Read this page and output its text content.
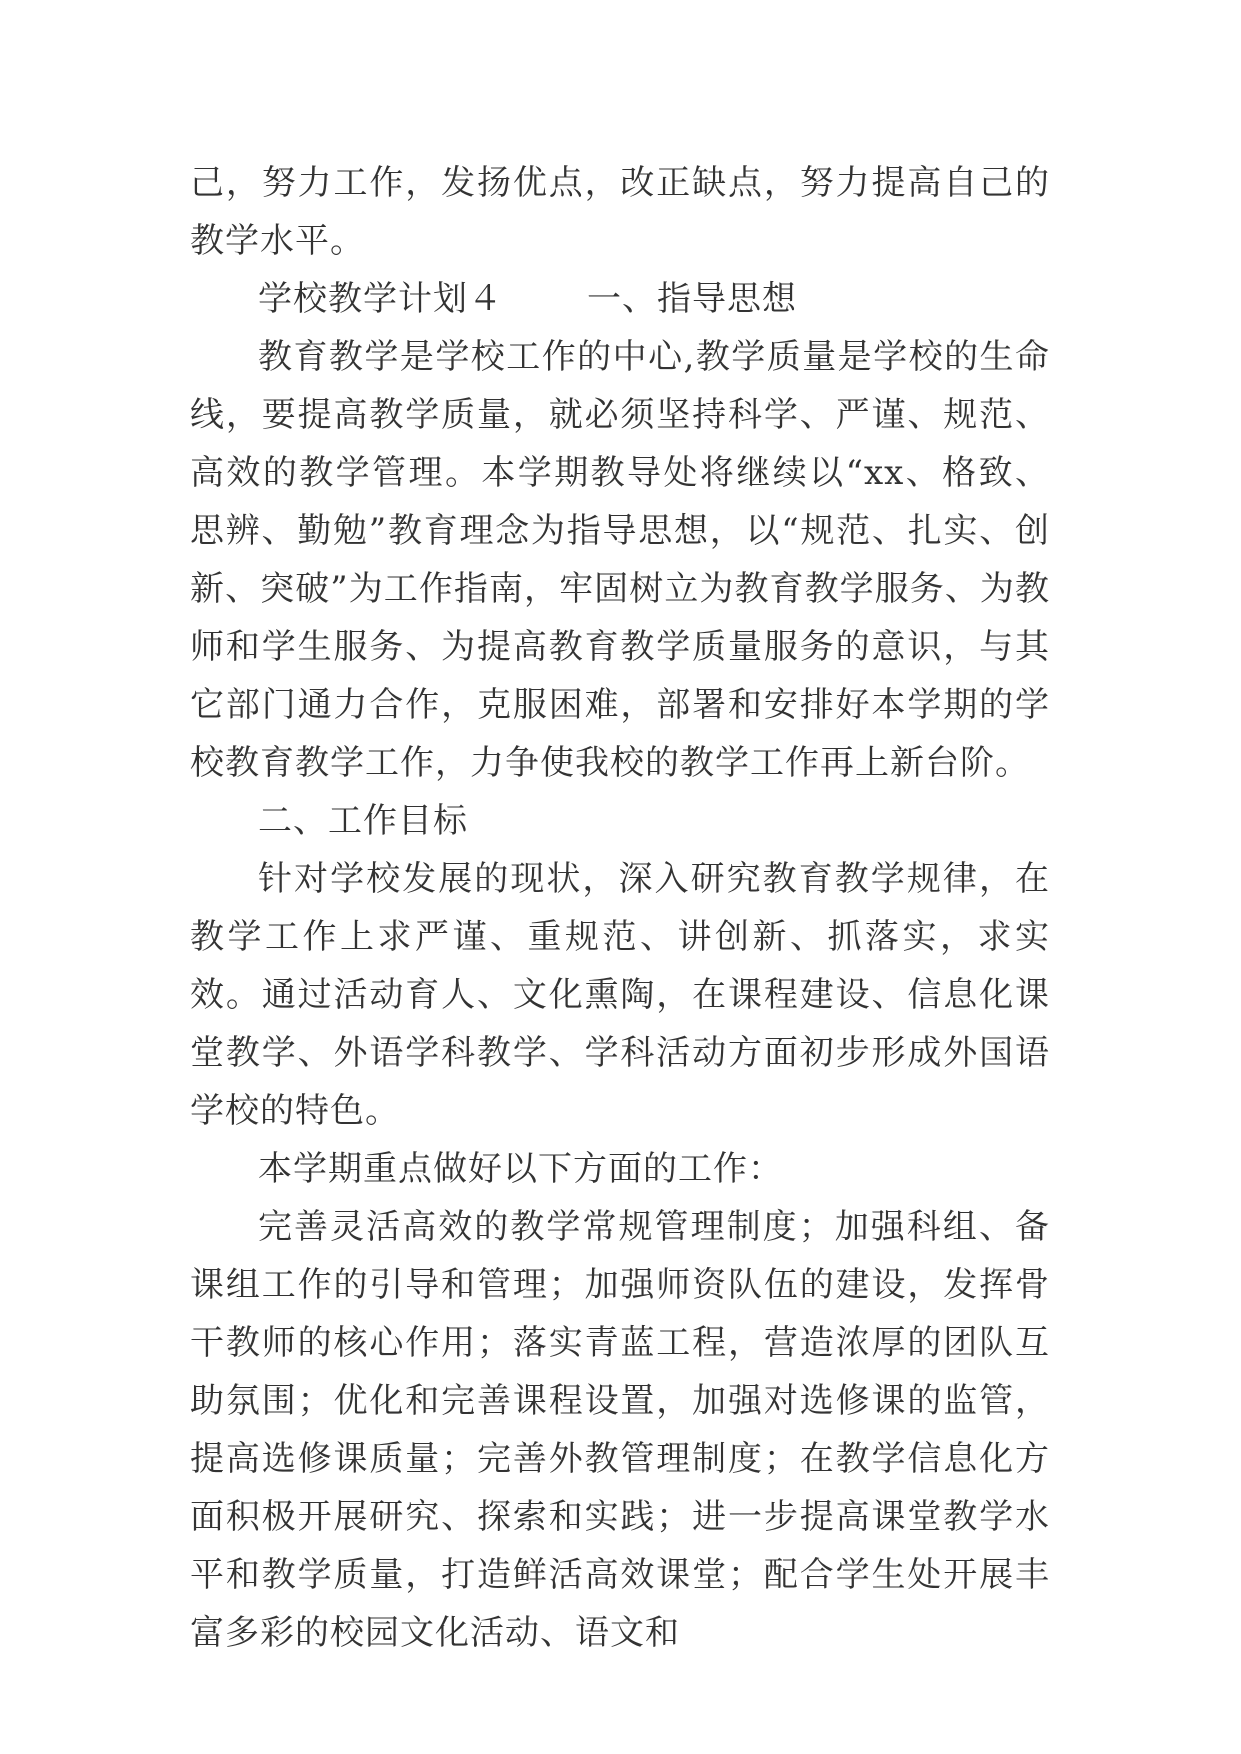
己，努力工作，发扬优点，改正缺点，努力提高自己的教学水平。

学校教学计划４ 一、指导思想

教育教学是学校工作的中心,教学质量是学校的生命线，要提高教学质量，就必须坚持科学、严谨、规范、高效的教学管理。本学期教导处将继续以“xx、格致、思辨、勤勉”教育理念为指导思想，以“规范、扎实、创新、突破”为工作指南，牢固树立为教育教学服务、为教师和学生服务、为提高教育教学质量服务的意识，与其它部门通力合作，克服困难，部署和安排好本学期的学校教育教学工作，力争使我校的教学工作再上新台阶。

二、工作目标

针对学校发展的现状，深入研究教育教学规律，在教学工作上求严谨、重规范、讲创新、抓落实，求实效。通过活动育人、文化熏陶，在课程建设、信息化课堂教学、外语学科教学、学科活动方面初步形成外国语学校的特色。

本学期重点做好以下方面的工作：

完善灵活高效的教学常规管理制度；加强科组、备课组工作的引导和管理；加强师资队伍的建设，发挥骨干教师的核心作用；落实青蓝工程，营造浓厚的团队互助氛围；优化和完善课程设置，加强对选修课的监管，提高选修课质量；完善外教管理制度；在教学信息化方面积极开展研究、探索和实践；进一步提高课堂教学水平和教学质量，打造鲜活高效课堂；配合学生处开展丰富多彩的校园文化活动、语文和
